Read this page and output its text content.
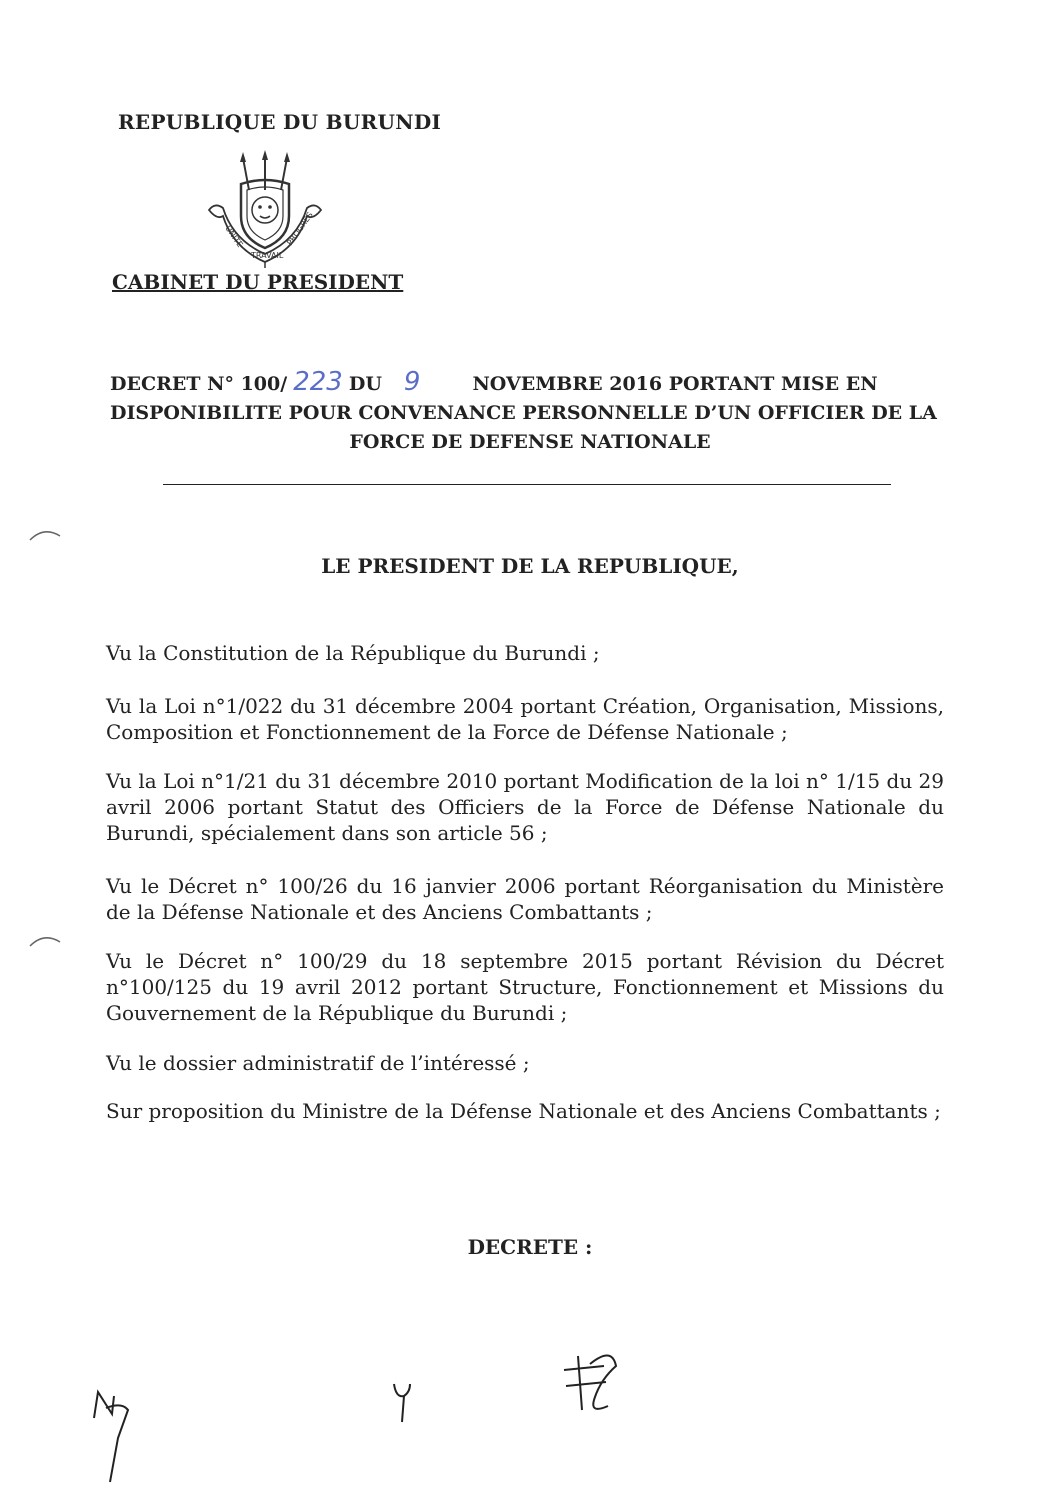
REPUBLIQUE DU BURUNDI
UNITE
TRAVAIL
PROGRES
CABINET DU PRESIDENT
DECRET N° 100/ 223 DU 9	NOVEMBRE 2016 PORTANT MISE EN
DISPONIBILITE POUR CONVENANCE PERSONNELLE D’UN OFFICIER DE LA
FORCE DE DEFENSE NATIONALE
LE PRESIDENT DE LA REPUBLIQUE,
Vu la Constitution de la République du Burundi ;
Vu la Loi n°1/022 du 31 décembre 2004 portant Création, Organisation, Missions, Composition et Fonctionnement de la Force de Défense Nationale ;
Vu la Loi n°1/21 du 31 décembre 2010 portant Modification de la loi n° 1/15 du 29 avril 2006 portant Statut des Officiers de la Force de Défense Nationale du Burundi, spécialement dans son article 56 ;
Vu le Décret n° 100/26 du 16 janvier 2006 portant Réorganisation du Ministère de la Défense Nationale et des Anciens Combattants ;
Vu le Décret n° 100/29 du 18 septembre 2015 portant Révision du Décret n°100/125 du 19 avril 2012 portant Structure, Fonctionnement et Missions du Gouvernement de la République du Burundi ;
Vu le dossier administratif de l’intéressé ;
Sur proposition du Ministre de la Défense Nationale et des Anciens Combattants ;
DECRETE :
